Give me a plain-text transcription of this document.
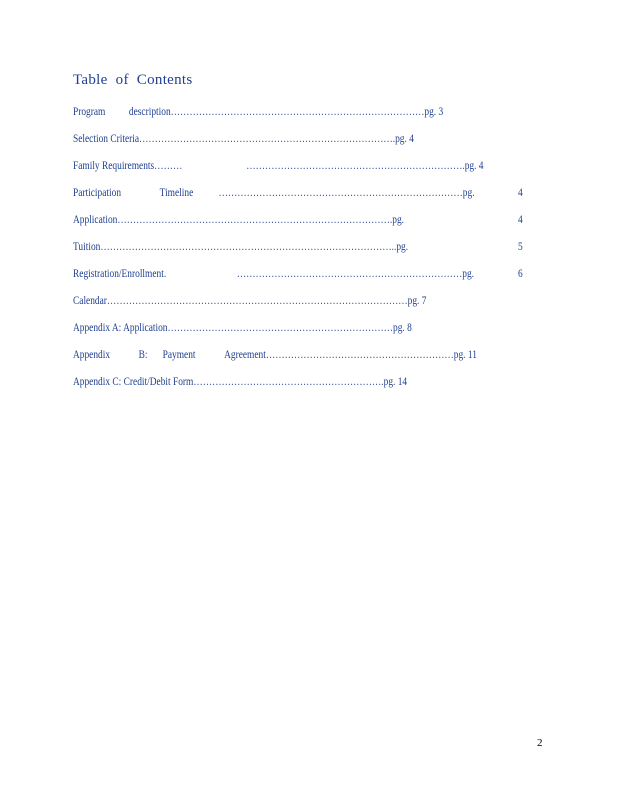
Table of Contents
Program description………………………………………………………………………pg. 3
Selection Criteria……………………………………………………………………….pg. 4
Family Requirements………	…………………………………………………………….pg. 4
Participation	Timeline ……………………………………………………………………pg.	4
Application…………………………………………………………………………….pg.	4
Tuition…………………………………………………………………………………..pg.	5
Registration/Enrollment.	………………………………………………………………pg.	6
Calendar……………………………………………………………………………………pg. 7
Appendix A: Application………………………………………………………………pg. 8
Appendix	B: Payment	Agreement……………………………………………………pg. 11
Appendix C: Credit/Debit Form…………………………………………………….pg. 14
2
